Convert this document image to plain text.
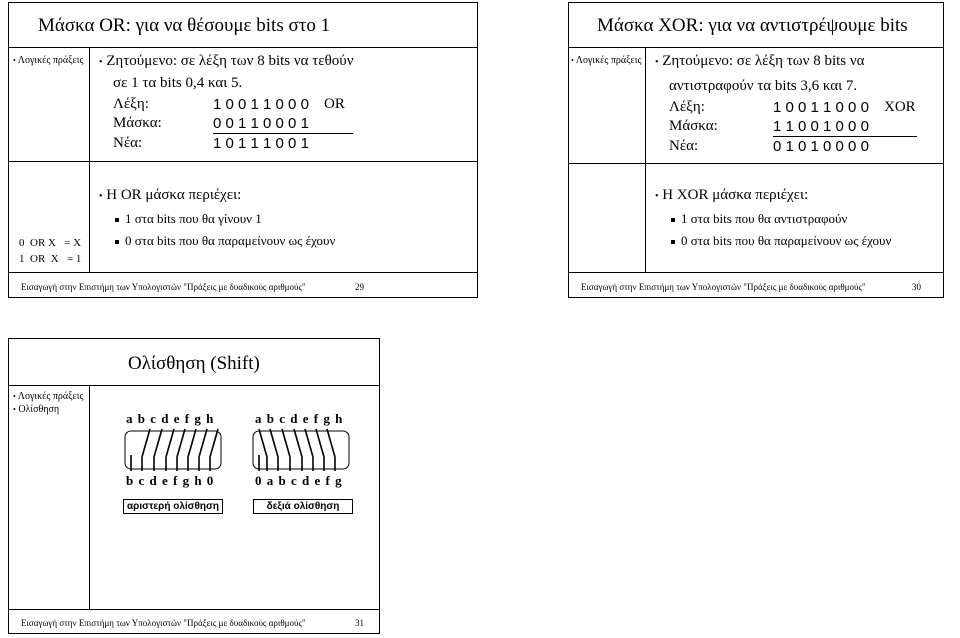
Μάσκα OR: για να θέσουμε bits στο 1
• Λογικές πράξεις • Ζητούμενο: σε λέξη των 8 bits να τεθούν
σε 1 τα bits 0,4 και 5.
Λέξη:	1 0 0 1 1 0 0 0 OR
Μάσκα:	0 0 1 1 0 0 0 1
Νέα:	1 0 1 1 1 0 0 1
• Η OR μάσκα περιέχει:
1 στα bits που θα γίνουν 1
0 στα bits που θα παραμείνουν ως έχουν
0  OR X   = X
1  OR  X   = 1
Εισαγωγή στην Επιστήμη των Υπολογιστών "Πράξεις με δυαδικούς αριθμούς"	29
Μάσκα XOR: για να αντιστρέψουμε bits
• Λογικές πράξεις • Ζητούμενο: σε λέξη των 8 bits να
αντιστραφούν τα bits 3,6 και 7.
Λέξη:	1 0 0 1 1 0 0 0 XOR
Μάσκα:	1 1 0 0 1 0 0 0
Νέα:	0 1 0 1 0 0 0 0
• Η XOR μάσκα περιέχει:
1 στα bits που θα αντιστραφούν
0 στα bits που θα παραμείνουν ως έχουν
Εισαγωγή στην Επιστήμη των Υπολογιστών "Πράξεις με δυαδικούς αριθμούς"	30
Ολίσθηση (Shift)
• Λογικές πράξεις
• Ολίσθηση
a b c d e f g h
b c d e f g h 0
αριστερή ολίσθηση
a b c d e f g h
0 a b c d e f g
δεξιά ολίσθηση
Εισαγωγή στην Επιστήμη των Υπολογιστών "Πράξεις με δυαδικούς αριθμούς"	31
